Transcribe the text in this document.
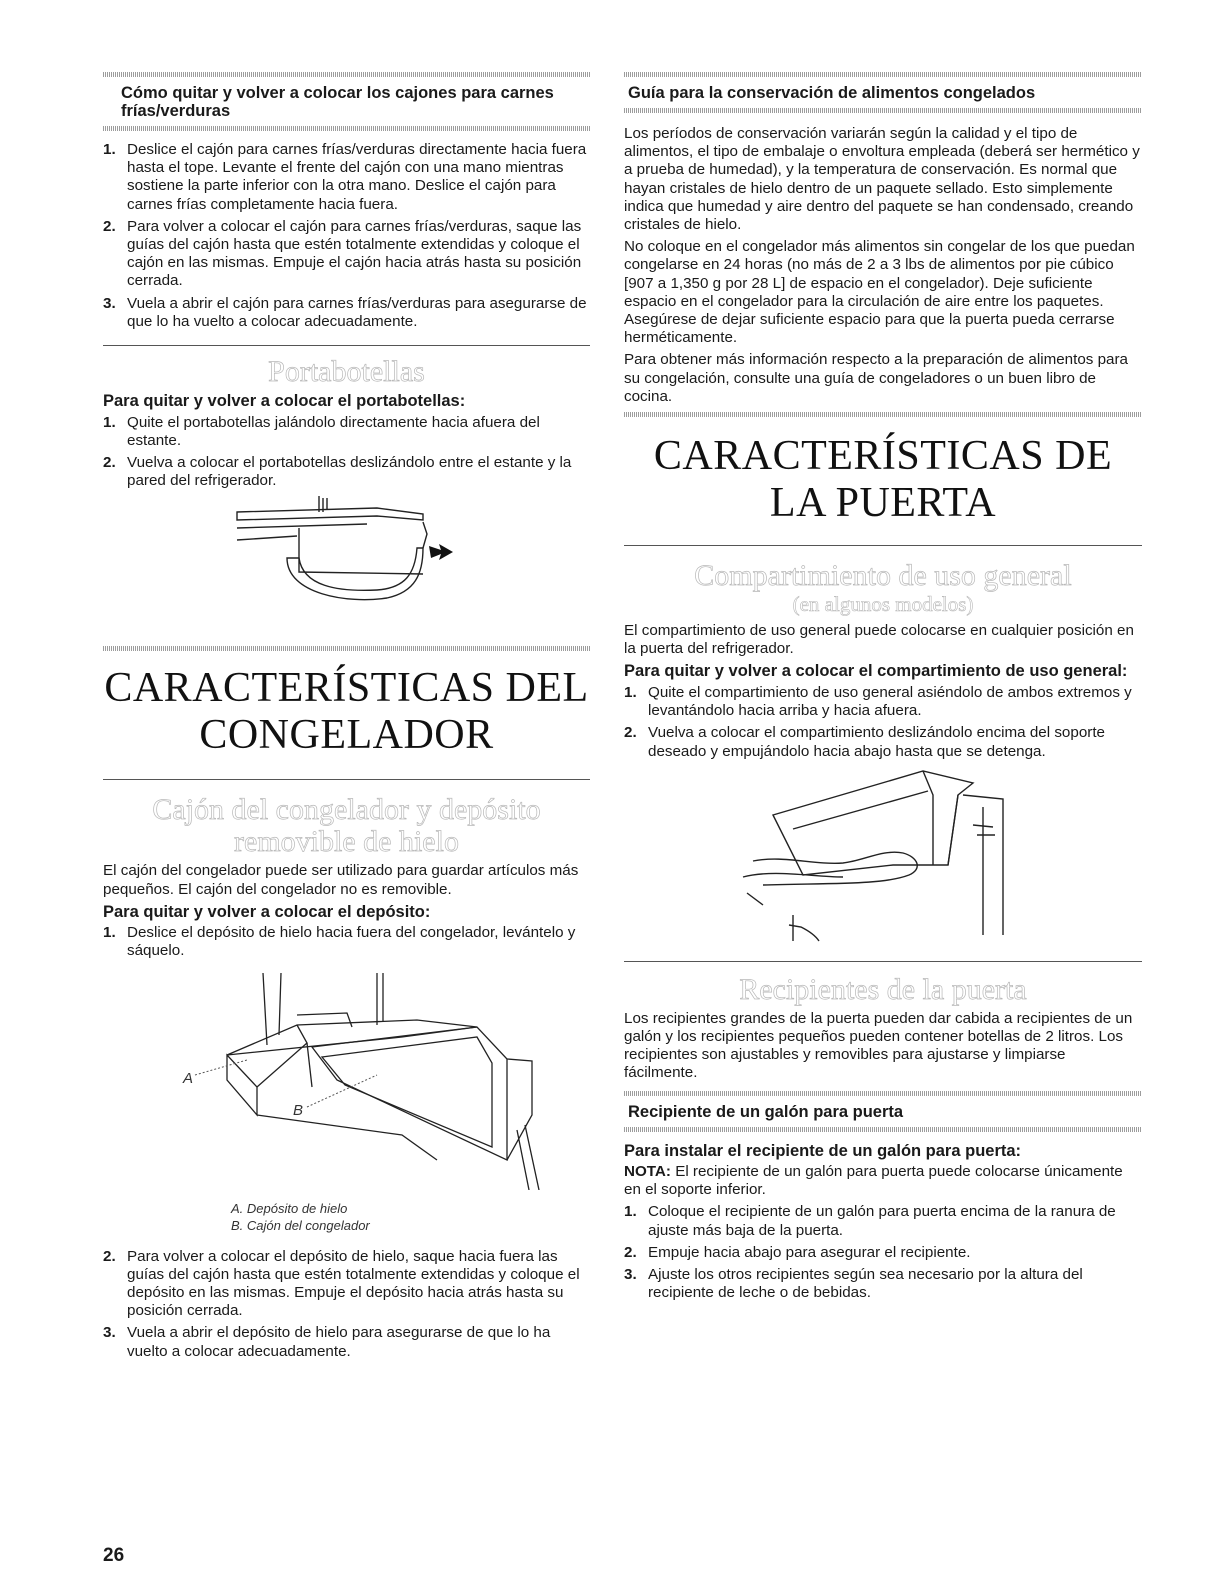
Cómo quitar y volver a colocar los cajones para carnes frías/verduras
1. Deslice el cajón para carnes frías/verduras directamente hacia fuera hasta el tope. Levante el frente del cajón con una mano mientras sostiene la parte inferior con la otra mano. Deslice el cajón para carnes frías completamente hacia fuera.
2. Para volver a colocar el cajón para carnes frías/verduras, saque las guías del cajón hasta que estén totalmente extendidas y coloque el cajón en las mismas. Empuje el cajón hacia atrás hasta su posición cerrada.
3. Vuela a abrir el cajón para carnes frías/verduras para asegurarse de que lo ha vuelto a colocar adecuadamente.
Portabotellas
Para quitar y volver a colocar el portabotellas:
1. Quite el portabotellas jalándolo directamente hacia afuera del estante.
2. Vuelva a colocar el portabotellas deslizándolo entre el estante y la pared del refrigerador.
CARACTERÍSTICAS DEL
CONGELADOR
Cajón del congelador y depósito
removible de hielo
El cajón del congelador puede ser utilizado para guardar artículos más pequeños. El cajón del congelador no es removible.
Para quitar y volver a colocar el depósito:
1. Deslice el depósito de hielo hacia fuera del congelador, levántelo y sáquelo.
A
B
A. Depósito de hielo
B. Cajón del congelador
2. Para volver a colocar el depósito de hielo, saque hacia fuera las guías del cajón hasta que estén totalmente extendidas y coloque el depósito en las mismas. Empuje el depósito hacia atrás hasta su posición cerrada.
3. Vuela a abrir el depósito de hielo para asegurarse de que lo ha vuelto a colocar adecuadamente.
Guía para la conservación de alimentos congelados
Los períodos de conservación variarán según la calidad y el tipo de alimentos, el tipo de embalaje o envoltura empleada (deberá ser hermético y a prueba de humedad), y la temperatura de conservación. Es normal que hayan cristales de hielo dentro de un paquete sellado. Esto simplemente indica que humedad y aire dentro del paquete se han condensado, creando cristales de hielo.
No coloque en el congelador más alimentos sin congelar de los que puedan congelarse en 24 horas (no más de 2 a 3 lbs de alimentos por pie cúbico [907 a 1,350 g por 28 L] de espacio en el congelador). Deje suficiente espacio en el congelador para la circulación de aire entre los paquetes. Asegúrese de dejar suficiente espacio para que la puerta pueda cerrarse herméticamente.
Para obtener más información respecto a la preparación de alimentos para su congelación, consulte una guía de congeladores o un buen libro de cocina.
CARACTERÍSTICAS DE
LA PUERTA
Compartimiento de uso general
(en algunos modelos)
El compartimiento de uso general puede colocarse en cualquier posición en la puerta del refrigerador.
Para quitar y volver a colocar el compartimiento de uso general:
1. Quite el compartimiento de uso general asiéndolo de ambos extremos y levantándolo hacia arriba y hacia afuera.
2. Vuelva a colocar el compartimiento deslizándolo encima del soporte deseado y empujándolo hacia abajo hasta que se detenga.
Recipientes de la puerta
Los recipientes grandes de la puerta pueden dar cabida a recipientes de un galón y los recipientes pequeños pueden contener botellas de 2 litros. Los recipientes son ajustables y removibles para ajustarse y limpiarse fácilmente.
Recipiente de un galón para puerta
Para instalar el recipiente de un galón para puerta:
NOTA: El recipiente de un galón para puerta puede colocarse únicamente en el soporte inferior.
1. Coloque el recipiente de un galón para puerta encima de la ranura de ajuste más baja de la puerta.
2. Empuje hacia abajo para asegurar el recipiente.
3. Ajuste los otros recipientes según sea necesario por la altura del recipiente de leche o de bebidas.
26
